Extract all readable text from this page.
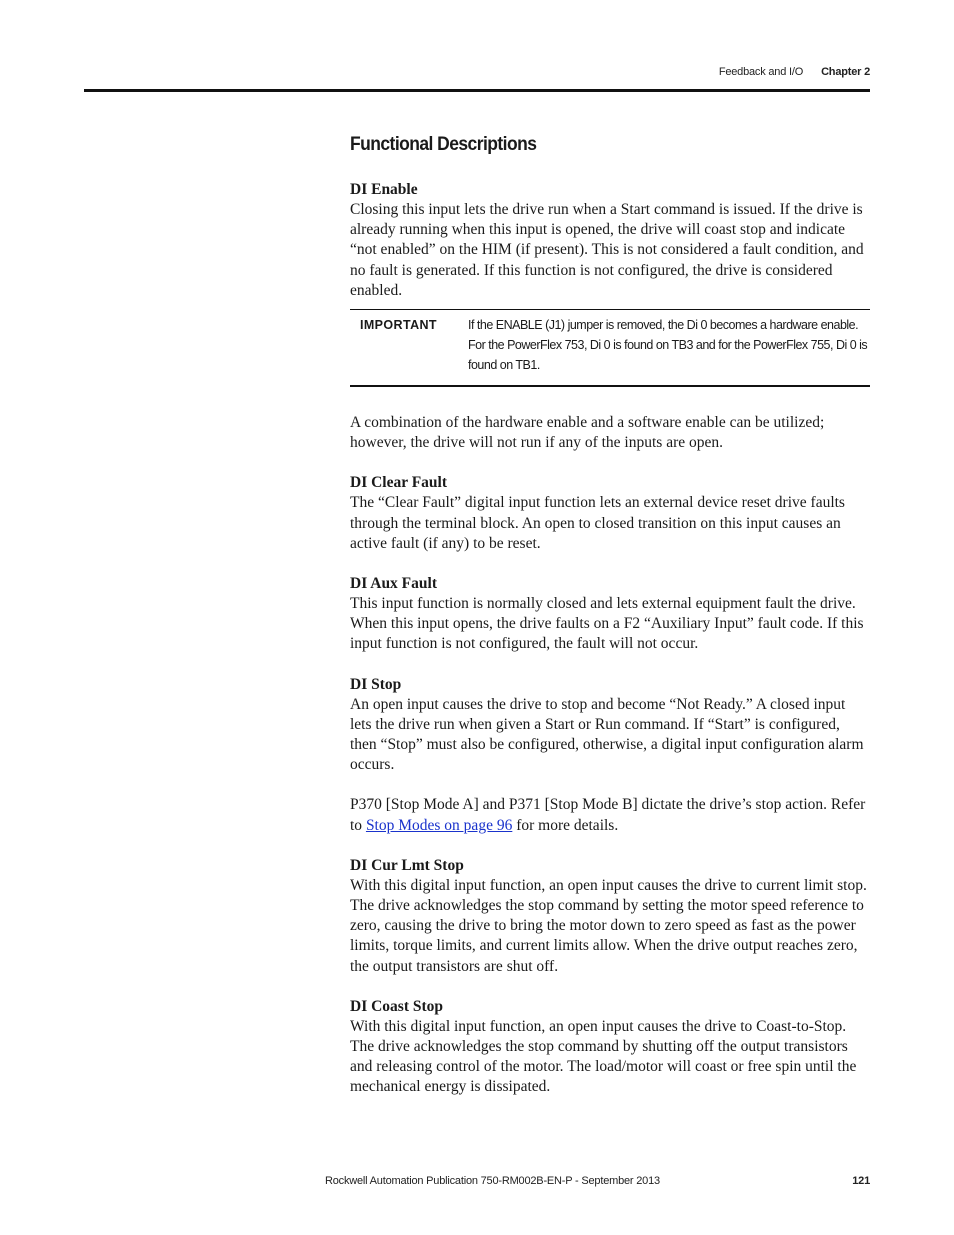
Feedback and I/O Chapter 2
Functional Descriptions

DI Enable

Closing this input lets the drive run when a Start command is issued. If the drive is already running when this input is opened, the drive will coast stop and indicate “not enabled” on the HIM (if present). This is not considered a fault condition, and no fault is generated. If this function is not configured, the drive is considered enabled.

IMPORTANT	If the ENABLE (J1) jumper is removed, the Di 0 becomes a hardware enable. For the PowerFlex 753, Di 0 is found on TB3 and for the PowerFlex 755, Di 0 is found on TB1.

A combination of the hardware enable and a software enable can be utilized; however, the drive will not run if any of the inputs are open.

DI Clear Fault

The “Clear Fault” digital input function lets an external device reset drive faults through the terminal block. An open to closed transition on this input causes an active fault (if any) to be reset.

DI Aux Fault

This input function is normally closed and lets external equipment fault the drive. When this input opens, the drive faults on a F2 “Auxiliary Input” fault code. If this input function is not configured, the fault will not occur.

DI Stop

An open input causes the drive to stop and become “Not Ready.” A closed input lets the drive run when given a Start or Run command. If “Start” is configured, then “Stop” must also be configured, otherwise, a digital input configuration alarm occurs.

P370 [Stop Mode A] and P371 [Stop Mode B] dictate the drive’s stop action. Refer to Stop Modes on page 96 for more details.

DI Cur Lmt Stop

With this digital input function, an open input causes the drive to current limit stop. The drive acknowledges the stop command by setting the motor speed reference to zero, causing the drive to bring the motor down to zero speed as fast as the power limits, torque limits, and current limits allow. When the drive output reaches zero, the output transistors are shut off.

DI Coast Stop

With this digital input function, an open input causes the drive to Coast-to-Stop. The drive acknowledges the stop command by shutting off the output transistors and releasing control of the motor. The load/motor will coast or free spin until the mechanical energy is dissipated.

Rockwell Automation Publication 750-RM002B-EN-P - September 2013	121
